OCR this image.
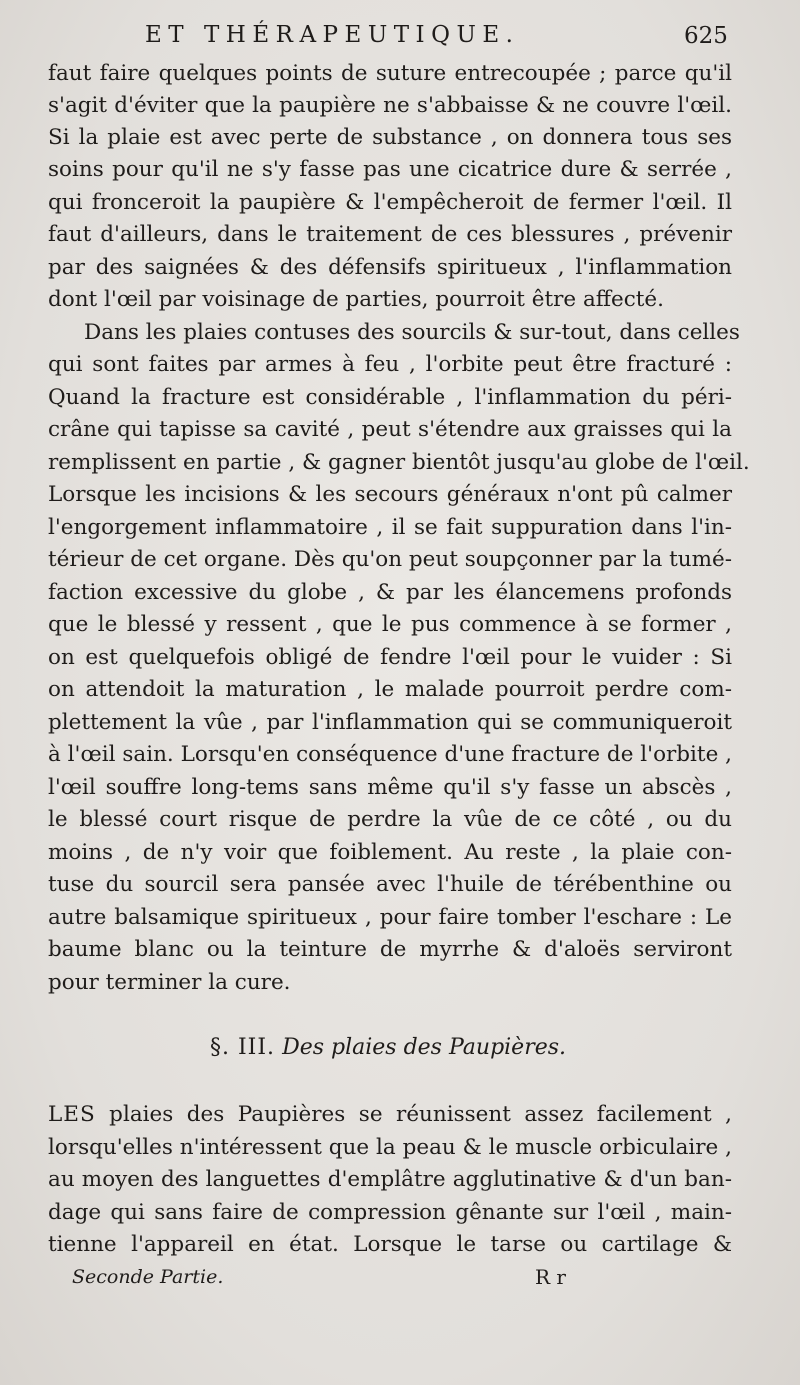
ET THÉRAPEUTIQUE.	625
faut faire quelques points de suture entrecoupée ; parce qu'il
s'agit d'éviter que la paupière ne s'abbaisse & ne couvre l'œil.
Si la plaie est avec perte de substance , on donnera tous ses
soins pour qu'il ne s'y fasse pas une cicatrice dure & serrée ,
qui fronceroit la paupière & l'empêcheroit de fermer l'œil. Il
faut d'ailleurs, dans le traitement de ces blessures , prévenir
par des saignées & des défensifs spiritueux , l'inflammation
dont l'œil par voisinage de parties, pourroit être affecté.
Dans les plaies contuses des sourcils & sur-tout, dans celles
qui sont faites par armes à feu , l'orbite peut être fracturé :
Quand la fracture est considérable , l'inflammation du péri-
crâne qui tapisse sa cavité , peut s'étendre aux graisses qui la
remplissent en partie , & gagner bientôt jusqu'au globe de l'œil.
Lorsque les incisions & les secours généraux n'ont pû calmer
l'engorgement inflammatoire , il se fait suppuration dans l'in-
térieur de cet organe. Dès qu'on peut soupçonner par la tumé-
faction excessive du globe , & par les élancemens profonds
que le blessé y ressent , que le pus commence à se former ,
on est quelquefois obligé de fendre l'œil pour le vuider : Si
on attendoit la maturation , le malade pourroit perdre com-
plettement la vûe , par l'inflammation qui se communiqueroit
à l'œil sain. Lorsqu'en conséquence d'une fracture de l'orbite ,
l'œil souffre long-tems sans même qu'il s'y fasse un abscès ,
le blessé court risque de perdre la vûe de ce côté , ou du
moins , de n'y voir que foiblement. Au reste , la plaie con-
tuse du sourcil sera pansée avec l'huile de térébenthine ou
autre balsamique spiritueux , pour faire tomber l'eschare : Le
baume blanc ou la teinture de myrrhe & d'aloës serviront
pour terminer la cure.
§. III. Des plaies des Paupières.
LES plaies des Paupières se réunissent assez facilement ,
lorsqu'elles n'intéressent que la peau & le muscle orbiculaire ,
au moyen des languettes d'emplâtre agglutinative & d'un ban-
dage qui sans faire de compression gênante sur l'œil , main-
tienne l'appareil en état. Lorsque le tarse ou cartilage &
Seconde Partie.	R r
